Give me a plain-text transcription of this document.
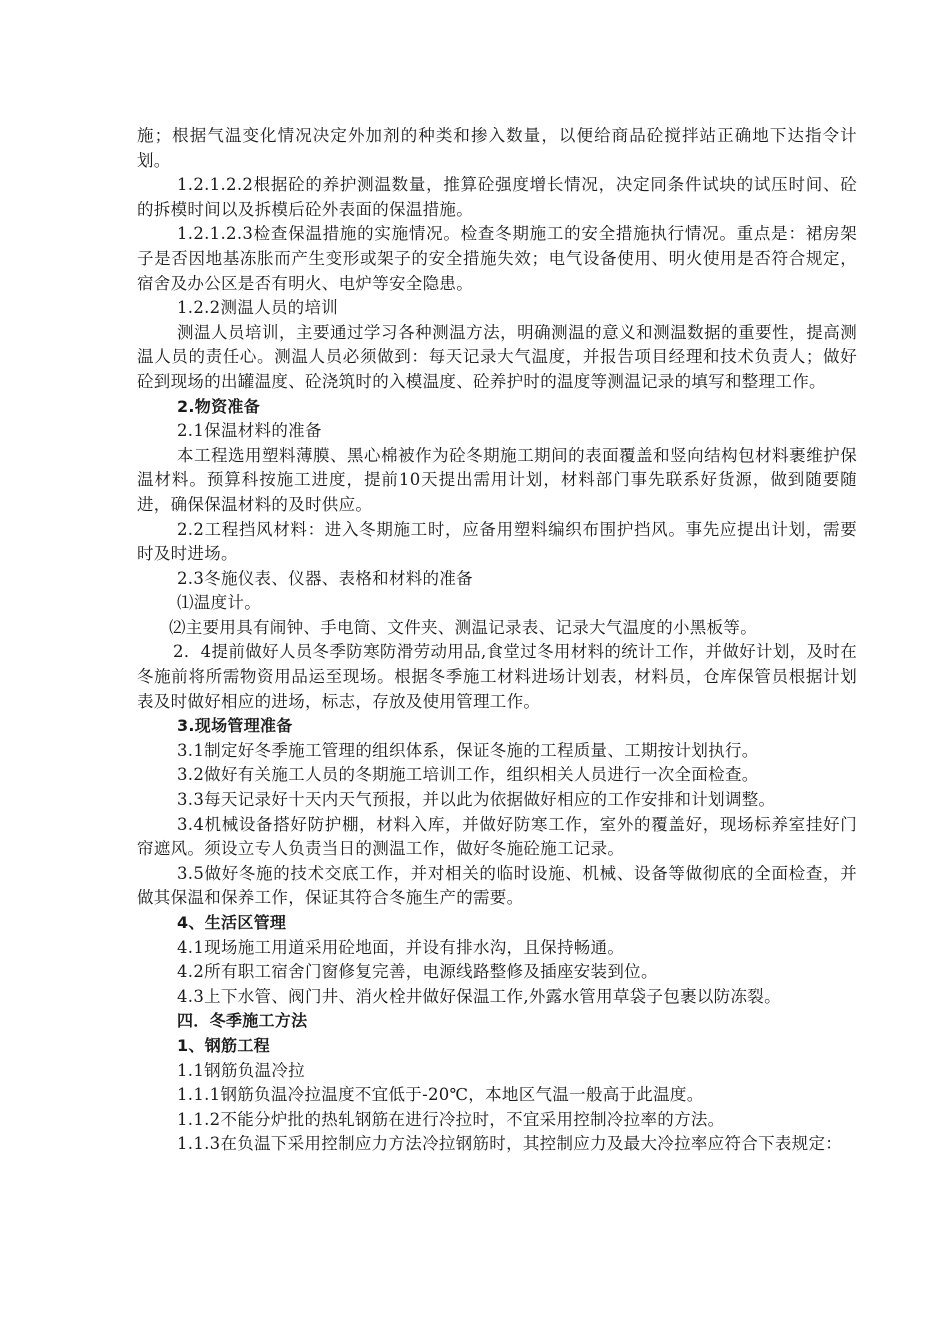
施；根据气温变化情况决定外加剂的种类和掺入数量，以便给商品砼搅拌站正确地下达指令计划。

1.2.1.2.2根据砼的养护测温数量，推算砼强度增长情况，决定同条件试块的试压时间、砼的拆模时间以及拆模后砼外表面的保温措施。

1.2.1.2.3检查保温措施的实施情况。检查冬期施工的安全措施执行情况。重点是：裙房架子是否因地基冻胀而产生变形或架子的安全措施失效；电气设备使用、明火使用是否符合规定，宿舍及办公区是否有明火、电炉等安全隐患。

1.2.2测温人员的培训

测温人员培训，主要通过学习各种测温方法，明确测温的意义和测温数据的重要性，提高测温人员的责任心。测温人员必须做到：每天记录大气温度，并报告项目经理和技术负责人；做好砼到现场的出罐温度、砼浇筑时的入模温度、砼养护时的温度等测温记录的填写和整理工作。

2.物资准备

2.1保温材料的准备

本工程选用塑料薄膜、黑心棉被作为砼冬期施工期间的表面覆盖和竖向结构包材料裹维护保温材料。预算科按施工进度，提前10天提出需用计划，材料部门事先联系好货源，做到随要随进，确保保温材料的及时供应。

2.2工程挡风材料：进入冬期施工时，应备用塑料编织布围护挡风。事先应提出计划，需要时及时进场。

2.3冬施仪表、仪器、表格和材料的准备

⑴温度计。

⑵主要用具有闹钟、手电筒、文件夹、测温记录表、记录大气温度的小黑板等。

2．4提前做好人员冬季防寒防滑劳动用品,食堂过冬用材料的统计工作，并做好计划，及时在冬施前将所需物资用品运至现场。根据冬季施工材料进场计划表，材料员，仓库保管员根据计划表及时做好相应的进场，标志，存放及使用管理工作。

3.现场管理准备

3.1制定好冬季施工管理的组织体系，保证冬施的工程质量、工期按计划执行。

3.2做好有关施工人员的冬期施工培训工作，组织相关人员进行一次全面检查。

3.3每天记录好十天内天气预报，并以此为依据做好相应的工作安排和计划调整。

3.4机械设备搭好防护棚，材料入库，并做好防寒工作，室外的覆盖好，现场标养室挂好门帘遮风。须设立专人负责当日的测温工作，做好冬施砼施工记录。

3.5做好冬施的技术交底工作，并对相关的临时设施、机械、设备等做彻底的全面检查，并做其保温和保养工作，保证其符合冬施生产的需要。

4、生活区管理

4.1现场施工用道采用砼地面，并设有排水沟，且保持畅通。

4.2所有职工宿舍门窗修复完善，电源线路整修及插座安装到位。

4.3上下水管、阀门井、消火栓井做好保温工作,外露水管用草袋子包裹以防冻裂。

四．冬季施工方法

1、钢筋工程

1.1钢筋负温冷拉

1.1.1钢筋负温冷拉温度不宜低于-20℃，本地区气温一般高于此温度。

1.1.2不能分炉批的热轧钢筋在进行冷拉时，不宜采用控制冷拉率的方法。

1.1.3在负温下采用控制应力方法冷拉钢筋时，其控制应力及最大冷拉率应符合下表规定：
